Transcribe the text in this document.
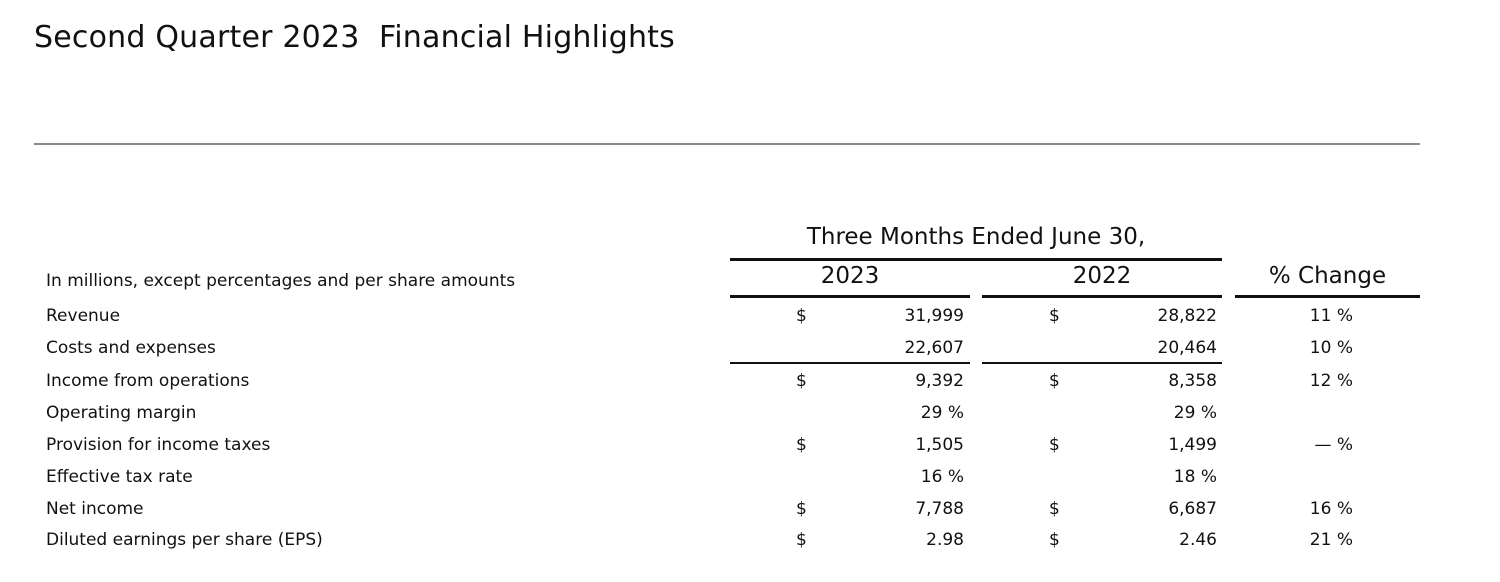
Second Quarter 2023  Financial Highlights
Three Months Ended June 30,
In millions, except percentages and per share amounts	2023	2022	% Change
Revenue	$	31,999	$	28,822	11 %
Costs and expenses	22,607	20,464	10 %
Income from operations	$	9,392	$	8,358	12 %
Operating margin	29 %	29 %
Provision for income taxes	$	1,505	$	1,499	— %
Effective tax rate	16 %	18 %
Net income	$	7,788	$	6,687	16 %
Diluted earnings per share (EPS)	$	2.98	$	2.46	21 %
